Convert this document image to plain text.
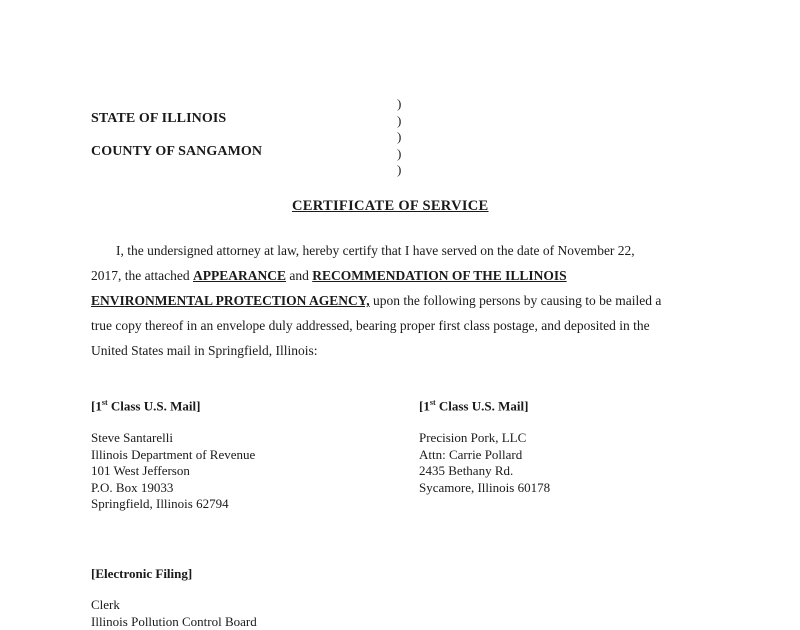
STATE OF ILLINOIS
COUNTY OF SANGAMON
)
)
)
)
)
CERTIFICATE OF SERVICE
I, the undersigned attorney at law, hereby certify that I have served on the date of November 22,
2017, the attached APPEARANCE and RECOMMENDATION OF THE ILLINOIS
ENVIRONMENTAL PROTECTION AGENCY, upon the following persons by causing to be mailed a
true copy thereof in an envelope duly addressed, bearing proper first class postage, and deposited in the
United States mail in Springfield, Illinois:
[1st Class U.S. Mail]
Steve Santarelli
Illinois Department of Revenue
101 West Jefferson
P.O. Box 19033
Springfield, Illinois 62794
[1st Class U.S. Mail]
Precision Pork, LLC
Attn: Carrie Pollard
2435 Bethany Rd.
Sycamore, Illinois 60178
[Electronic Filing]
Clerk
Illinois Pollution Control Board
